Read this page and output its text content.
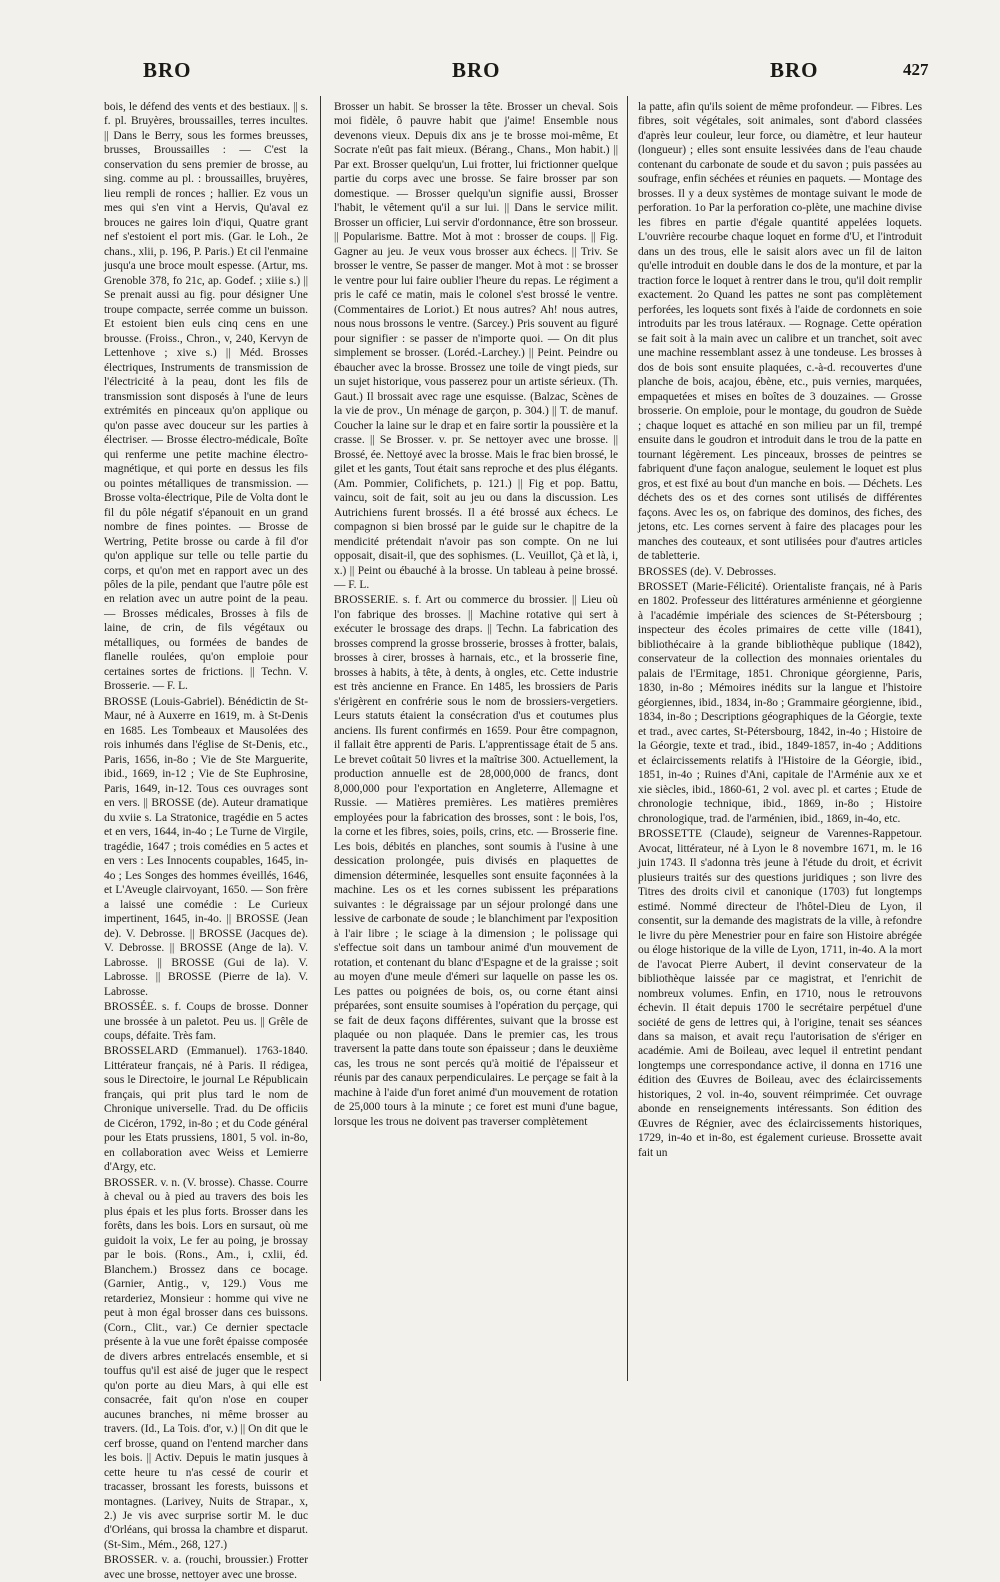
BRO	BRO	BRO	427

bois, le défend des vents et des bestiaux. || s. f. pl. Bruyères, broussailles, terres incultes. || Dans le Berry, sous les formes breusses, brusses, Broussailles : — C'est la conservation du sens premier de brosse, au sing. comme au pl. : broussailles, bruyères, lieu rempli de ronces ; hallier. Ez vous un mes qui s'en vint a Hervis, Qu'aval ez brouces ne gaires loin d'iqui, Quatre grant nef s'estoient el port mis. (Gar. le Loh., 2e chans., xlii, p. 196, P. Paris.) Et cil l'enmaine jusqu'a une broce moult espesse. (Artur, ms. Grenoble 378, fo 21c, ap. Godef. ; xiiie s.) || Se prenait aussi au fig. pour désigner Une troupe compacte, serrée comme un buisson. Et estoient bien euls cinq cens en une brousse. (Froiss., Chron., v, 240, Kervyn de Lettenhove ; xive s.) || Méd. Brosses électriques, Instruments de transmission de l'électricité à la peau, dont les fils de transmission sont disposés à l'une de leurs extrémités en pinceaux qu'on applique ou qu'on passe avec douceur sur les parties à électriser. — Brosse électro-médicale, Boîte qui renferme une petite machine électro-magnétique, et qui porte en dessus les fils ou pointes métalliques de transmission. — Brosse volta-électrique, Pile de Volta dont le fil du pôle négatif s'épanouit en un grand nombre de fines pointes. — Brosse de Wertring, Petite brosse ou carde à fil d'or qu'on applique sur telle ou telle partie du corps, et qu'on met en rapport avec un des pôles de la pile, pendant que l'autre pôle est en relation avec un autre point de la peau. — Brosses médicales, Brosses à fils de laine, de crin, de fils végétaux ou métalliques, ou formées de bandes de flanelle roulées, qu'on emploie pour certaines sortes de frictions. || Techn. V. Brosserie. — F. L.

BROSSE (Louis-Gabriel). Bénédictin de St-Maur, né à Auxerre en 1619, m. à St-Denis en 1685. Les Tombeaux et Mausolées des rois inhumés dans l'église de St-Denis, etc., Paris, 1656, in-8o ; Vie de Ste Marguerite, ibid., 1669, in-12 ; Vie de Ste Euphrosine, Paris, 1649, in-12. Tous ces ouvrages sont en vers. || BROSSE (de). Auteur dramatique du xviie s. La Stratonice, tragédie en 5 actes et en vers, 1644, in-4o ; Le Turne de Virgile, tragédie, 1647 ; trois comédies en 5 actes et en vers : Les Innocents coupables, 1645, in-4o ; Les Songes des hommes éveillés, 1646, et L'Aveugle clairvoyant, 1650. — Son frère a laissé une comédie : Le Curieux impertinent, 1645, in-4o. || BROSSE (Jean de). V. Debrosse. || BROSSE (Jacques de). V. Debrosse. || BROSSE (Ange de la). V. Labrosse. || BROSSE (Gui de la). V. Labrosse. || BROSSE (Pierre de la). V. Labrosse.

BROSSÉE. s. f. Coups de brosse. Donner une brossée à un paletot. Peu us. || Grêle de coups, défaite. Très fam.

BROSSELARD (Emmanuel). 1763-1840. Littérateur français, né à Paris. Il rédigea, sous le Directoire, le journal Le Républicain français, qui prit plus tard le nom de Chronique universelle. Trad. du De officiis de Cicéron, 1792, in-8o ; et du Code général pour les Etats prussiens, 1801, 5 vol. in-8o, en collaboration avec Weiss et Lemierre d'Argy, etc.

BROSSER. v. n. (V. brosse). Chasse. Courre à cheval ou à pied au travers des bois les plus épais et les plus forts. Brosser dans les forêts, dans les bois. Lors en sursaut, où me guidoit la voix, Le fer au poing, je brossay par le bois. (Rons., Am., i, cxlii, éd. Blanchem.) Brossez dans ce bocage. (Garnier, Antig., v, 129.) Vous me retarderiez, Monsieur : homme qui vive ne peut à mon égal brosser dans ces buissons. (Corn., Clit., var.) Ce dernier spectacle présente à la vue une forêt épaisse composée de divers arbres entrelacés ensemble, et si touffus qu'il est aisé de juger que le respect qu'on porte au dieu Mars, à qui elle est consacrée, fait qu'on n'ose en couper aucunes branches, ni même brosser au travers. (Id., La Tois. d'or, v.) || On dit que le cerf brosse, quand on l'entend marcher dans les bois. || Activ. Depuis le matin jusques à cette heure tu n'as cessé de courir et tracasser, brossant les forests, buissons et montagnes. (Larivey, Nuits de Strapar., x, 2.) Je vis avec surprise sortir M. le duc d'Orléans, qui brossa la chambre et disparut. (St-Sim., Mém., 268, 127.)

BROSSER. v. a. (rouchi, broussier.) Frotter avec une brosse, nettoyer avec une brosse.

Brosser un habit. Se brosser la tête. Brosser un cheval. Sois moi fidèle, ô pauvre habit que j'aime! Ensemble nous devenons vieux. Depuis dix ans je te brosse moi-même, Et Socrate n'eût pas fait mieux. (Bérang., Chans., Mon habit.) || Par ext. Brosser quelqu'un, Lui frotter, lui frictionner quelque partie du corps avec une brosse. Se faire brosser par son domestique. — Brosser quelqu'un signifie aussi, Brosser l'habit, le vêtement qu'il a sur lui. || Dans le service milit. Brosser un officier, Lui servir d'ordonnance, être son brosseur. || Popularisme. Battre. Mot à mot : brosser de coups. || Fig. Gagner au jeu. Je veux vous brosser aux échecs. || Triv. Se brosser le ventre, Se passer de manger. Mot à mot : se brosser le ventre pour lui faire oublier l'heure du repas. Le régiment a pris le café ce matin, mais le colonel s'est brossé le ventre. (Commentaires de Loriot.) Et nous autres? Ah! nous autres, nous nous brossons le ventre. (Sarcey.) Pris souvent au figuré pour signifier : se passer de n'importe quoi. — On dit plus simplement se brosser. (Loréd.-Larchey.) || Peint. Peindre ou ébaucher avec la brosse. Brossez une toile de vingt pieds, sur un sujet historique, vous passerez pour un artiste sérieux. (Th. Gaut.) Il brossait avec rage une esquisse. (Balzac, Scènes de la vie de prov., Un ménage de garçon, p. 304.) || T. de manuf. Coucher la laine sur le drap et en faire sortir la poussière et la crasse. || Se Brosser. v. pr. Se nettoyer avec une brosse. || Brossé, ée. Nettoyé avec la brosse. Mais le frac bien brossé, le gilet et les gants, Tout était sans reproche et des plus élégants. (Am. Pommier, Colifichets, p. 121.) || Fig et pop. Battu, vaincu, soit de fait, soit au jeu ou dans la discussion. Les Autrichiens furent brossés. Il a été brossé aux échecs. Le compagnon si bien brossé par le guide sur le chapitre de la mendicité prétendait n'avoir pas son compte. On ne lui opposait, disait-il, que des sophismes. (L. Veuillot, Çà et là, i, x.) || Peint ou ébauché à la brosse. Un tableau à peine brossé. — F. L.

BROSSERIE. s. f. Art ou commerce du brossier. || Lieu où l'on fabrique des brosses. || Machine rotative qui sert à exécuter le brossage des draps. || Techn. La fabrication des brosses comprend la grosse brosserie, brosses à frotter, balais, brosses à cirer, brosses à harnais, etc., et la brosserie fine, brosses à habits, à tête, à dents, à ongles, etc. Cette industrie est très ancienne en France. En 1485, les brossiers de Paris s'érigèrent en confrérie sous le nom de brossiers-vergetiers. Leurs statuts étaient la consécration d'us et coutumes plus anciens. Ils furent confirmés en 1659. Pour être compagnon, il fallait être apprenti de Paris. L'apprentissage était de 5 ans. Le brevet coûtait 50 livres et la maîtrise 300. Actuellement, la production annuelle est de 28,000,000 de francs, dont 8,000,000 pour l'exportation en Angleterre, Allemagne et Russie. — Matières premières. Les matières premières employées pour la fabrication des brosses, sont : le bois, l'os, la corne et les fibres, soies, poils, crins, etc. — Brosserie fine. Les bois, débités en planches, sont soumis à l'usine à une dessication prolongée, puis divisés en plaquettes de dimension déterminée, lesquelles sont ensuite façonnées à la machine. Les os et les cornes subissent les préparations suivantes : le dégraissage par un séjour prolongé dans une lessive de carbonate de soude ; le blanchiment par l'exposition à l'air libre ; le sciage à la dimension ; le polissage qui s'effectue soit dans un tambour animé d'un mouvement de rotation, et contenant du blanc d'Espagne et de la graisse ; soit au moyen d'une meule d'émeri sur laquelle on passe les os. Les pattes ou poignées de bois, os, ou corne étant ainsi préparées, sont ensuite soumises à l'opération du perçage, qui se fait de deux façons différentes, suivant que la brosse est plaquée ou non plaquée. Dans le premier cas, les trous traversent la patte dans toute son épaisseur ; dans le deuxième cas, les trous ne sont percés qu'à moitié de l'épaisseur et réunis par des canaux perpendiculaires. Le perçage se fait à la machine à l'aide d'un foret animé d'un mouvement de rotation de 25,000 tours à la minute ; ce foret est muni d'une bague, lorsque les trous ne doivent pas traverser complètement

la patte, afin qu'ils soient de même profondeur. — Fibres. Les fibres, soit végétales, soit animales, sont d'abord classées d'après leur couleur, leur force, ou diamètre, et leur hauteur (longueur) ; elles sont ensuite lessivées dans de l'eau chaude contenant du carbonate de soude et du savon ; puis passées au soufrage, enfin séchées et réunies en paquets. — Montage des brosses. Il y a deux systèmes de montage suivant le mode de perforation. 1o Par la perforation co-plète, une machine divise les fibres en partie d'égale quantité appelées loquets. L'ouvrière recourbe chaque loquet en forme d'U, et l'introduit dans un des trous, elle le saisit alors avec un fil de laiton qu'elle introduit en double dans le dos de la monture, et par la traction force le loquet à rentrer dans le trou, qu'il doit remplir exactement. 2o Quand les pattes ne sont pas complètement perforées, les loquets sont fixés à l'aide de cordonnets en soie introduits par les trous latéraux. — Rognage. Cette opération se fait soit à la main avec un calibre et un tranchet, soit avec une machine ressemblant assez à une tondeuse. Les brosses à dos de bois sont ensuite plaquées, c.-à-d. recouvertes d'une planche de bois, acajou, ébène, etc., puis vernies, marquées, empaquetées et mises en boîtes de 3 douzaines. — Grosse brosserie. On emploie, pour le montage, du goudron de Suède ; chaque loquet es attaché en son milieu par un fil, trempé ensuite dans le goudron et introduit dans le trou de la patte en tournant légèrement. Les pinceaux, brosses de peintres se fabriquent d'une façon analogue, seulement le loquet est plus gros, et est fixé au bout d'un manche en bois. — Déchets. Les déchets des os et des cornes sont utilisés de différentes façons. Avec les os, on fabrique des dominos, des fiches, des jetons, etc. Les cornes servent à faire des placages pour les manches des couteaux, et sont utilisées pour d'autres articles de tabletterie.

BROSSES (de). V. Debrosses.

BROSSET (Marie-Félicité). Orientaliste français, né à Paris en 1802. Professeur des littératures arménienne et géorgienne à l'académie impériale des sciences de St-Pétersbourg ; inspecteur des écoles primaires de cette ville (1841), bibliothécaire à la grande bibliothèque publique (1842), conservateur de la collection des monnaies orientales du palais de l'Ermitage, 1851. Chronique géorgienne, Paris, 1830, in-8o ; Mémoires inédits sur la langue et l'histoire géorgiennes, ibid., 1834, in-8o ; Grammaire géorgienne, ibid., 1834, in-8o ; Descriptions géographiques de la Géorgie, texte et trad., avec cartes, St-Pétersbourg, 1842, in-4o ; Histoire de la Géorgie, texte et trad., ibid., 1849-1857, in-4o ; Additions et éclaircissements relatifs à l'Histoire de la Géorgie, ibid., 1851, in-4o ; Ruines d'Ani, capitale de l'Arménie aux xe et xie siècles, ibid., 1860-61, 2 vol. avec pl. et cartes ; Etude de chronologie technique, ibid., 1869, in-8o ; Histoire chronologique, trad. de l'arménien, ibid., 1869, in-4o, etc.

BROSSETTE (Claude), seigneur de Varennes-Rappetour. Avocat, littérateur, né à Lyon le 8 novembre 1671, m. le 16 juin 1743. Il s'adonna très jeune à l'étude du droit, et écrivit plusieurs traités sur des questions juridiques ; son livre des Titres des droits civil et canonique (1703) fut longtemps estimé. Nommé directeur de l'hôtel-Dieu de Lyon, il consentit, sur la demande des magistrats de la ville, à refondre le livre du père Menestrier pour en faire son Histoire abrégée ou éloge historique de la ville de Lyon, 1711, in-4o. A la mort de l'avocat Pierre Aubert, il devint conservateur de la bibliothèque laissée par ce magistrat, et l'enrichit de nombreux volumes. Enfin, en 1710, nous le retrouvons échevin. Il était depuis 1700 le secrétaire perpétuel d'une société de gens de lettres qui, à l'origine, tenait ses séances dans sa maison, et avait reçu l'autorisation de s'ériger en académie. Ami de Boileau, avec lequel il entretint pendant longtemps une correspondance active, il donna en 1716 une édition des Œuvres de Boileau, avec des éclaircissements historiques, 2 vol. in-4o, souvent réimprimée. Cet ouvrage abonde en renseignements intéressants. Son édition des Œuvres de Régnier, avec des éclaircissements historiques, 1729, in-4o et in-8o, est également curieuse. Brossette avait fait un
